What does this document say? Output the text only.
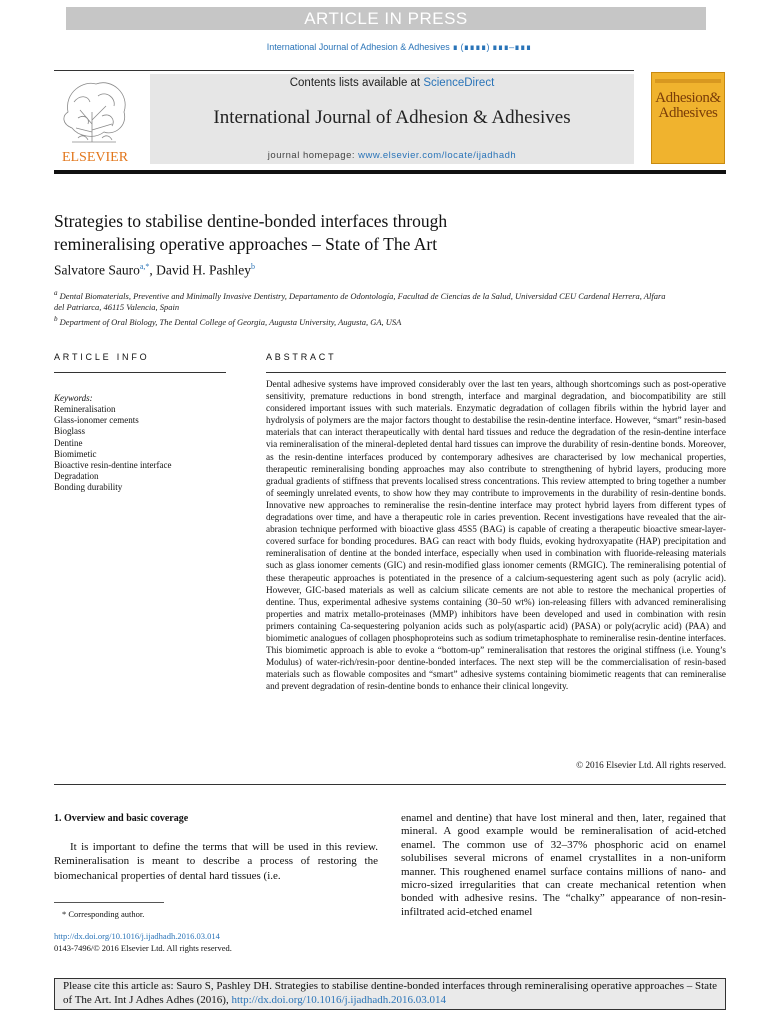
ARTICLE IN PRESS
International Journal of Adhesion & Adhesives ∎ (∎∎∎∎) ∎∎∎–∎∎∎
ELSEVIER
Contents lists available at ScienceDirect
International Journal of Adhesion & Adhesives
journal homepage: www.elsevier.com/locate/ijadhadh
Adhesion&
Adhesives
Strategies to stabilise dentine-bonded interfaces through
remineralising operative approaches – State of The Art
Salvatore Sauro$^{a,*}$, David H. Pashley$^b$
$^a$ Dental Biomaterials, Preventive and Minimally Invasive Dentistry, Departamento de Odontología, Facultad de Ciencias de la Salud, Universidad CEU Cardenal Herrera, Alfara del Patriarca, 46115 Valencia, Spain
$^b$ Department of Oral Biology, The Dental College of Georgia, Augusta University, Augusta, GA, USA
ARTICLE INFO	ABSTRACT
Keywords:
Remineralisation
Glass-ionomer cements
Bioglass
Dentine
Biomimetic
Bioactive resin-dentine interface
Degradation
Bonding durability
Dental adhesive systems have improved considerably over the last ten years, although shortcomings such as post-operative sensitivity, premature reductions in bond strength, interface and marginal degradation, and biocompatibility are still considered important issues with such materials. Enzymatic degradation of collagen fibrils within the hybrid layer and hydrolysis of polymers are the major factors thought to destabilise the resin-dentine interface. However, “smart” resin-based materials that can interact therapeutically with dental hard tissues and reduce the degradation of the resin-dentine interface via remineralisation of the mineral-depleted dental hard tissues can improve the durability of resin-dentine bonds. Moreover, as the resin-dentine interfaces produced by contemporary adhesives are characterised by low mechanical properties, therapeutic remineralising bonding approaches may also contribute to strengthening of hybrid layers, producing more gradual gradients of stiffness that prevents localised stress concentrations. This review attempted to bring together a number of seemingly unrelated events, to show how they may contribute to improvements in the durability of resin-dentine bonds. Innovative new approaches to remineralise the resin-dentine interface may protect hybrid layers from different types of degradations over time, and have a therapeutic role in caries prevention. Recent investigations have revealed that the air-abrasion technique performed with bioactive glass 45S5 (BAG) is capable of creating a therapeutic bioactive smear-layer-covered surface for bonding procedures. BAG can react with body fluids, evoking hydroxyapatite (HAP) precipitation and remineralisation of dentine at the bonded interface, especially when used in combination with fluoride-releasing materials such as glass ionomer cements (GIC) and resin-modified glass ionomer cements (RMGIC). The remineralising potential of these therapeutic approaches is potentiated in the presence of a calcium-sequestering agent such as poly (acrylic acid). However, GIC-based materials as well as calcium silicate cements are not able to restore the mechanical properties of dentine. Thus, experimental adhesive systems containing (30–50 wt%) ion-releasing fillers with advanced remineralising properties and matrix metallo-proteinases (MMP) inhibitors have been developed and used in combination with resin primers containing Ca-sequestering polyanion acids such as poly(aspartic acid) (PASA) or poly(acrylic acid) (PAA) and biomimetic analogues of collagen phosphoproteins such as sodium trimetaphosphate to remineralise resin-dentine interfaces. This biomimetic approach is able to evoke a “bottom-up” remineralisation that restores the original stiffness (i.e. Young’s Modulus) of water-rich/resin-poor dentine-bonded interfaces. The next step will be the commercialisation of resin-based materials such as flowable composites and “smart” adhesive systems containing biomimetic reagents that can remineralise and prevent degradation of resin-dentine bonds to enhance their clinical longevity.
© 2016 Elsevier Ltd. All rights reserved.
1. Overview and basic coverage
It is important to define the terms that will be used in this review. Remineralisation is meant to describe a process of restoring the biomechanical properties of dental hard tissues (i.e.
enamel and dentine) that have lost mineral and then, later, regained that mineral. A good example would be remineralisation of acid-etched enamel. The common use of 32–37% phosphoric acid on enamel solubilises several microns of enamel crystallites in a non-uniform manner. This roughened enamel surface contains millions of nano- and micro-sized irregularities that can create mechanical retention when bonded with adhesive resins. The “chalky” appearance of non-resin-infiltrated acid-etched enamel
* Corresponding author.
http://dx.doi.org/10.1016/j.ijadhadh.2016.03.014
0143-7496/© 2016 Elsevier Ltd. All rights reserved.
Please cite this article as: Sauro S, Pashley DH. Strategies to stabilise dentine-bonded interfaces through remineralising operative approaches – State of The Art. Int J Adhes Adhes (2016), http://dx.doi.org/10.1016/j.ijadhadh.2016.03.014
